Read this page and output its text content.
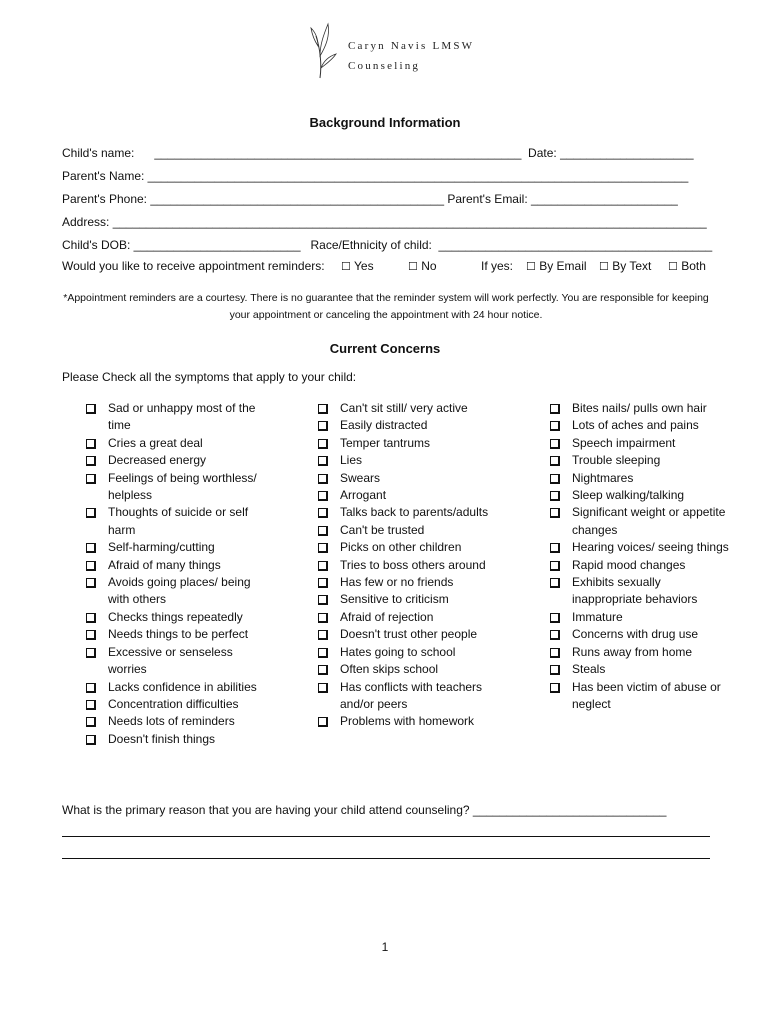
Caryn Navis LMSW
Counseling
Background Information

Child's name:      _______________________________________________________  Date: ____________________

Parent's Name: _________________________________________________________________________________

Parent's Phone: ____________________________________________ Parent's Email: ______________________

Address: _________________________________________________________________________________________

Child's DOB: _________________________   Race/Ethnicity of child:  _________________________________________

Would you like to receive appointment reminders: ☐ Yes	☐ No	If yes: ☐ By Email ☐ By Text ☐ Both

*Appointment reminders are a courtesy. There is no guarantee that the reminder system will work perfectly. You are responsible for keeping your appointment or canceling the appointment with 24 hour notice.

Current Concerns

Please Check all the symptoms that apply to your child:

Sad or unhappy most of the time
Cries a great deal
Decreased energy
Feelings of being worthless/ helpless
Thoughts of suicide or self harm
Self-harming/cutting
Afraid of many things
Avoids going places/ being with others
Checks things repeatedly
Needs things to be perfect
Excessive or senseless worries
Lacks confidence in abilities
Concentration difficulties
Needs lots of reminders
Doesn't finish things
Can't sit still/ very active
Easily distracted
Temper tantrums
Lies
Swears
Arrogant
Talks back to parents/adults
Can't be trusted
Picks on other children
Tries to boss others around
Has few or no friends
Sensitive to criticism
Afraid of rejection
Doesn't trust other people
Hates going to school
Often skips school
Has conflicts with teachers and/or peers
Problems with homework
Bites nails/ pulls own hair
Lots of aches and pains
Speech impairment
Trouble sleeping
Nightmares
Sleep walking/talking
Significant weight or appetite changes
Hearing voices/ seeing things
Rapid mood changes
Exhibits sexually inappropriate behaviors
Immature
Concerns with drug use
Runs away from home
Steals
Has been victim of abuse or neglect

What is the primary reason that you are having your child attend counseling? _____________________________

1
